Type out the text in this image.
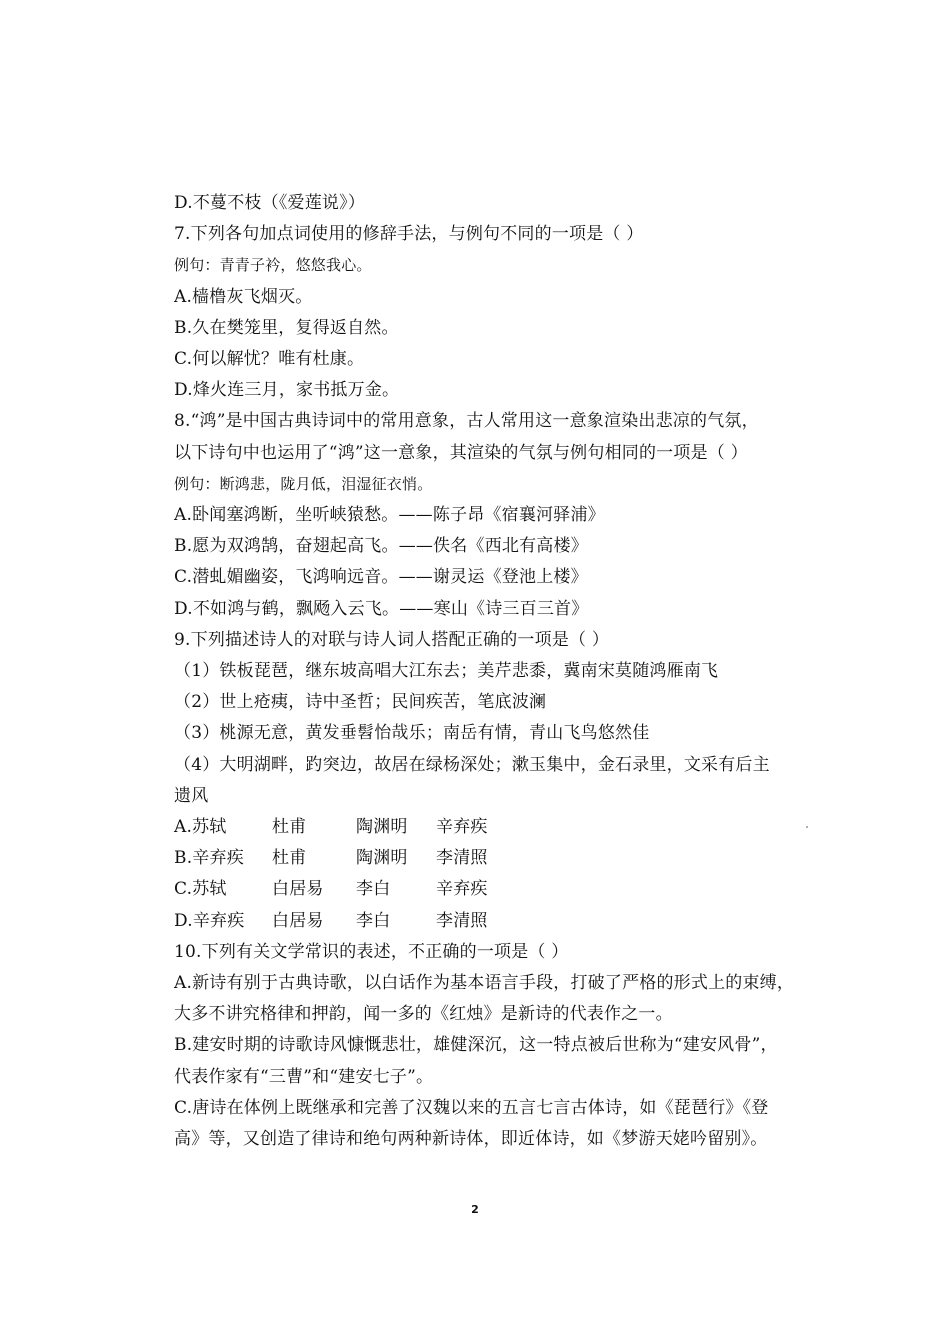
D.不蔓不枝（《爱莲说》）
7.下列各句加点词使用的修辞手法，与例句不同的一项是（ ）
例句：青青子衿，悠悠我心。
A.樯橹灰飞烟灭。
B.久在樊笼里，复得返自然。
C.何以解忧？唯有杜康。
D.烽火连三月，家书抵万金。
8.“鸿”是中国古典诗词中的常用意象，古人常用这一意象渲染出悲凉的气氛，
以下诗句中也运用了“鸿”这一意象，其渲染的气氛与例句相同的一项是（ ）
例句：断鸿悲，陇月低，泪湿征衣悄。
A.卧闻塞鸿断，坐听峡猿愁。——陈子昂《宿襄河驿浦》
B.愿为双鸿鹄，奋翅起高飞。——佚名《西北有高楼》
C.潜虬媚幽姿，飞鸿响远音。——谢灵运《登池上楼》
D.不如鸿与鹤，飘飏入云飞。——寒山《诗三百三首》
9.下列描述诗人的对联与诗人词人搭配正确的一项是（ ）
（1）铁板琵琶，继东坡高唱大江东去；美芹悲黍，冀南宋莫随鸿雁南飞
（2）世上疮痍，诗中圣哲；民间疾苦，笔底波澜
（3）桃源无意，黄发垂髫怡哉乐；南岳有情，青山飞鸟悠然佳
（4）大明湖畔，趵突边，故居在绿杨深处；漱玉集中，金石录里，文采有后主
遗风
A.苏轼	杜甫	陶渊明 辛弃疾
B.辛弃疾 杜甫	陶渊明 李清照
C.苏轼	白居易 李白	辛弃疾
D.辛弃疾 白居易 李白	李清照
10.下列有关文学常识的表述，不正确的一项是（ ）
A.新诗有别于古典诗歌，以白话作为基本语言手段，打破了严格的形式上的束缚，
大多不讲究格律和押韵，闻一多的《红烛》是新诗的代表作之一。
B.建安时期的诗歌诗风慷慨悲壮，雄健深沉，这一特点被后世称为“建安风骨”，
代表作家有“三曹”和“建安七子”。
C.唐诗在体例上既继承和完善了汉魏以来的五言七言古体诗，如《琵琶行》《登
高》等，又创造了律诗和绝句两种新诗体，即近体诗，如《梦游天姥吟留别》。
2
